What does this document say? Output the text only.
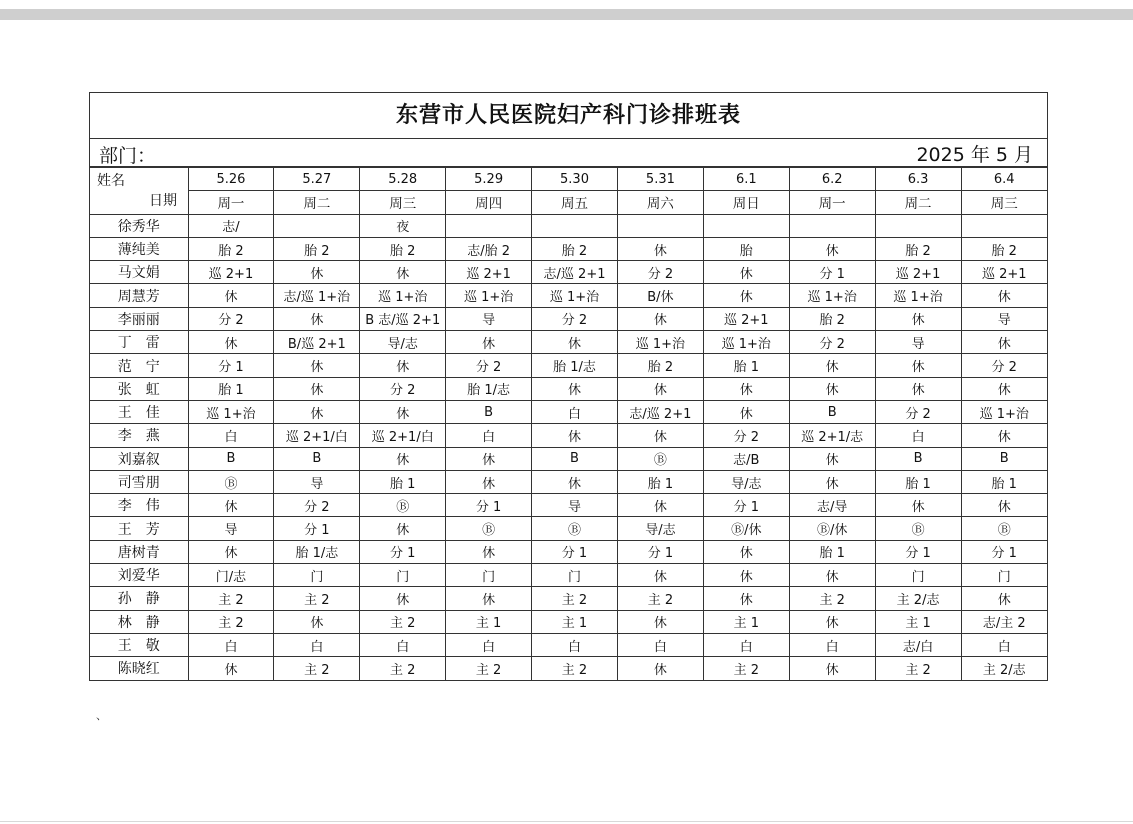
东营市人民医院妇产科门诊排班表
部门：	2025 年 5 月
姓名
日期	5.26	5.27	5.28	5.29	5.30	5.31	6.1	6.2	6.3	6.4
	周一	周二	周三	周四	周五	周六	周日	周一	周二	周三
徐秀华	志/		夜							
薄纯美	胎 2	胎 2	胎 2	志/胎 2	胎 2	休	胎	休	胎 2	胎 2
马文娟	巡 2+1	休	休	巡 2+1	志/巡 2+1	分 2	休	分 1	巡 2+1	巡 2+1
周慧芳	休	志/巡 1+治	巡 1+治	巡 1+治	巡 1+治	B/休	休	巡 1+治	巡 1+治	休
李丽丽	分 2	休	B 志/巡 2+1	导	分 2	休	巡 2+1	胎 2	休	导
丁　雷	休	B/巡 2+1	导/志	休	休	巡 1+治	巡 1+治	分 2	导	休
范　宁	分 1	休	休	分 2	胎 1/志	胎 2	胎 1	休	休	分 2
张　虹	胎 1	休	分 2	胎 1/志	休	休	休	休	休	休
王　佳	巡 1+治	休	休	B	白	志/巡 2+1	休	B	分 2	巡 1+治
李　燕	白	巡 2+1/白	巡 2+1/白	白	休	休	分 2	巡 2+1/志	白	休
刘嘉叙	B	B	休	休	B	Ⓑ	志/B	休	B	B
司雪朋	Ⓑ	导	胎 1	休	休	胎 1	导/志	休	胎 1	胎 1
李　伟	休	分 2	Ⓑ	分 1	导	休	分 1	志/导	休	休
王　芳	导	分 1	休	Ⓑ	Ⓑ	导/志	Ⓑ/休	Ⓑ/休	Ⓑ	Ⓑ
唐树青	休	胎 1/志	分 1	休	分 1	分 1	休	胎 1	分 1	分 1
刘爱华	门/志	门	门	门	门	休	休	休	门	门
孙　静	主 2	主 2	休	休	主 2	主 2	休	主 2	主 2/志	休
林　静	主 2	休	主 2	主 1	主 1	休	主 1	休	主 1	志/主 2
王　敬	白	白	白	白	白	白	白	白	志/白	白
陈晓红	休	主 2	主 2	主 2	主 2	休	主 2	休	主 2	主 2/志
、
